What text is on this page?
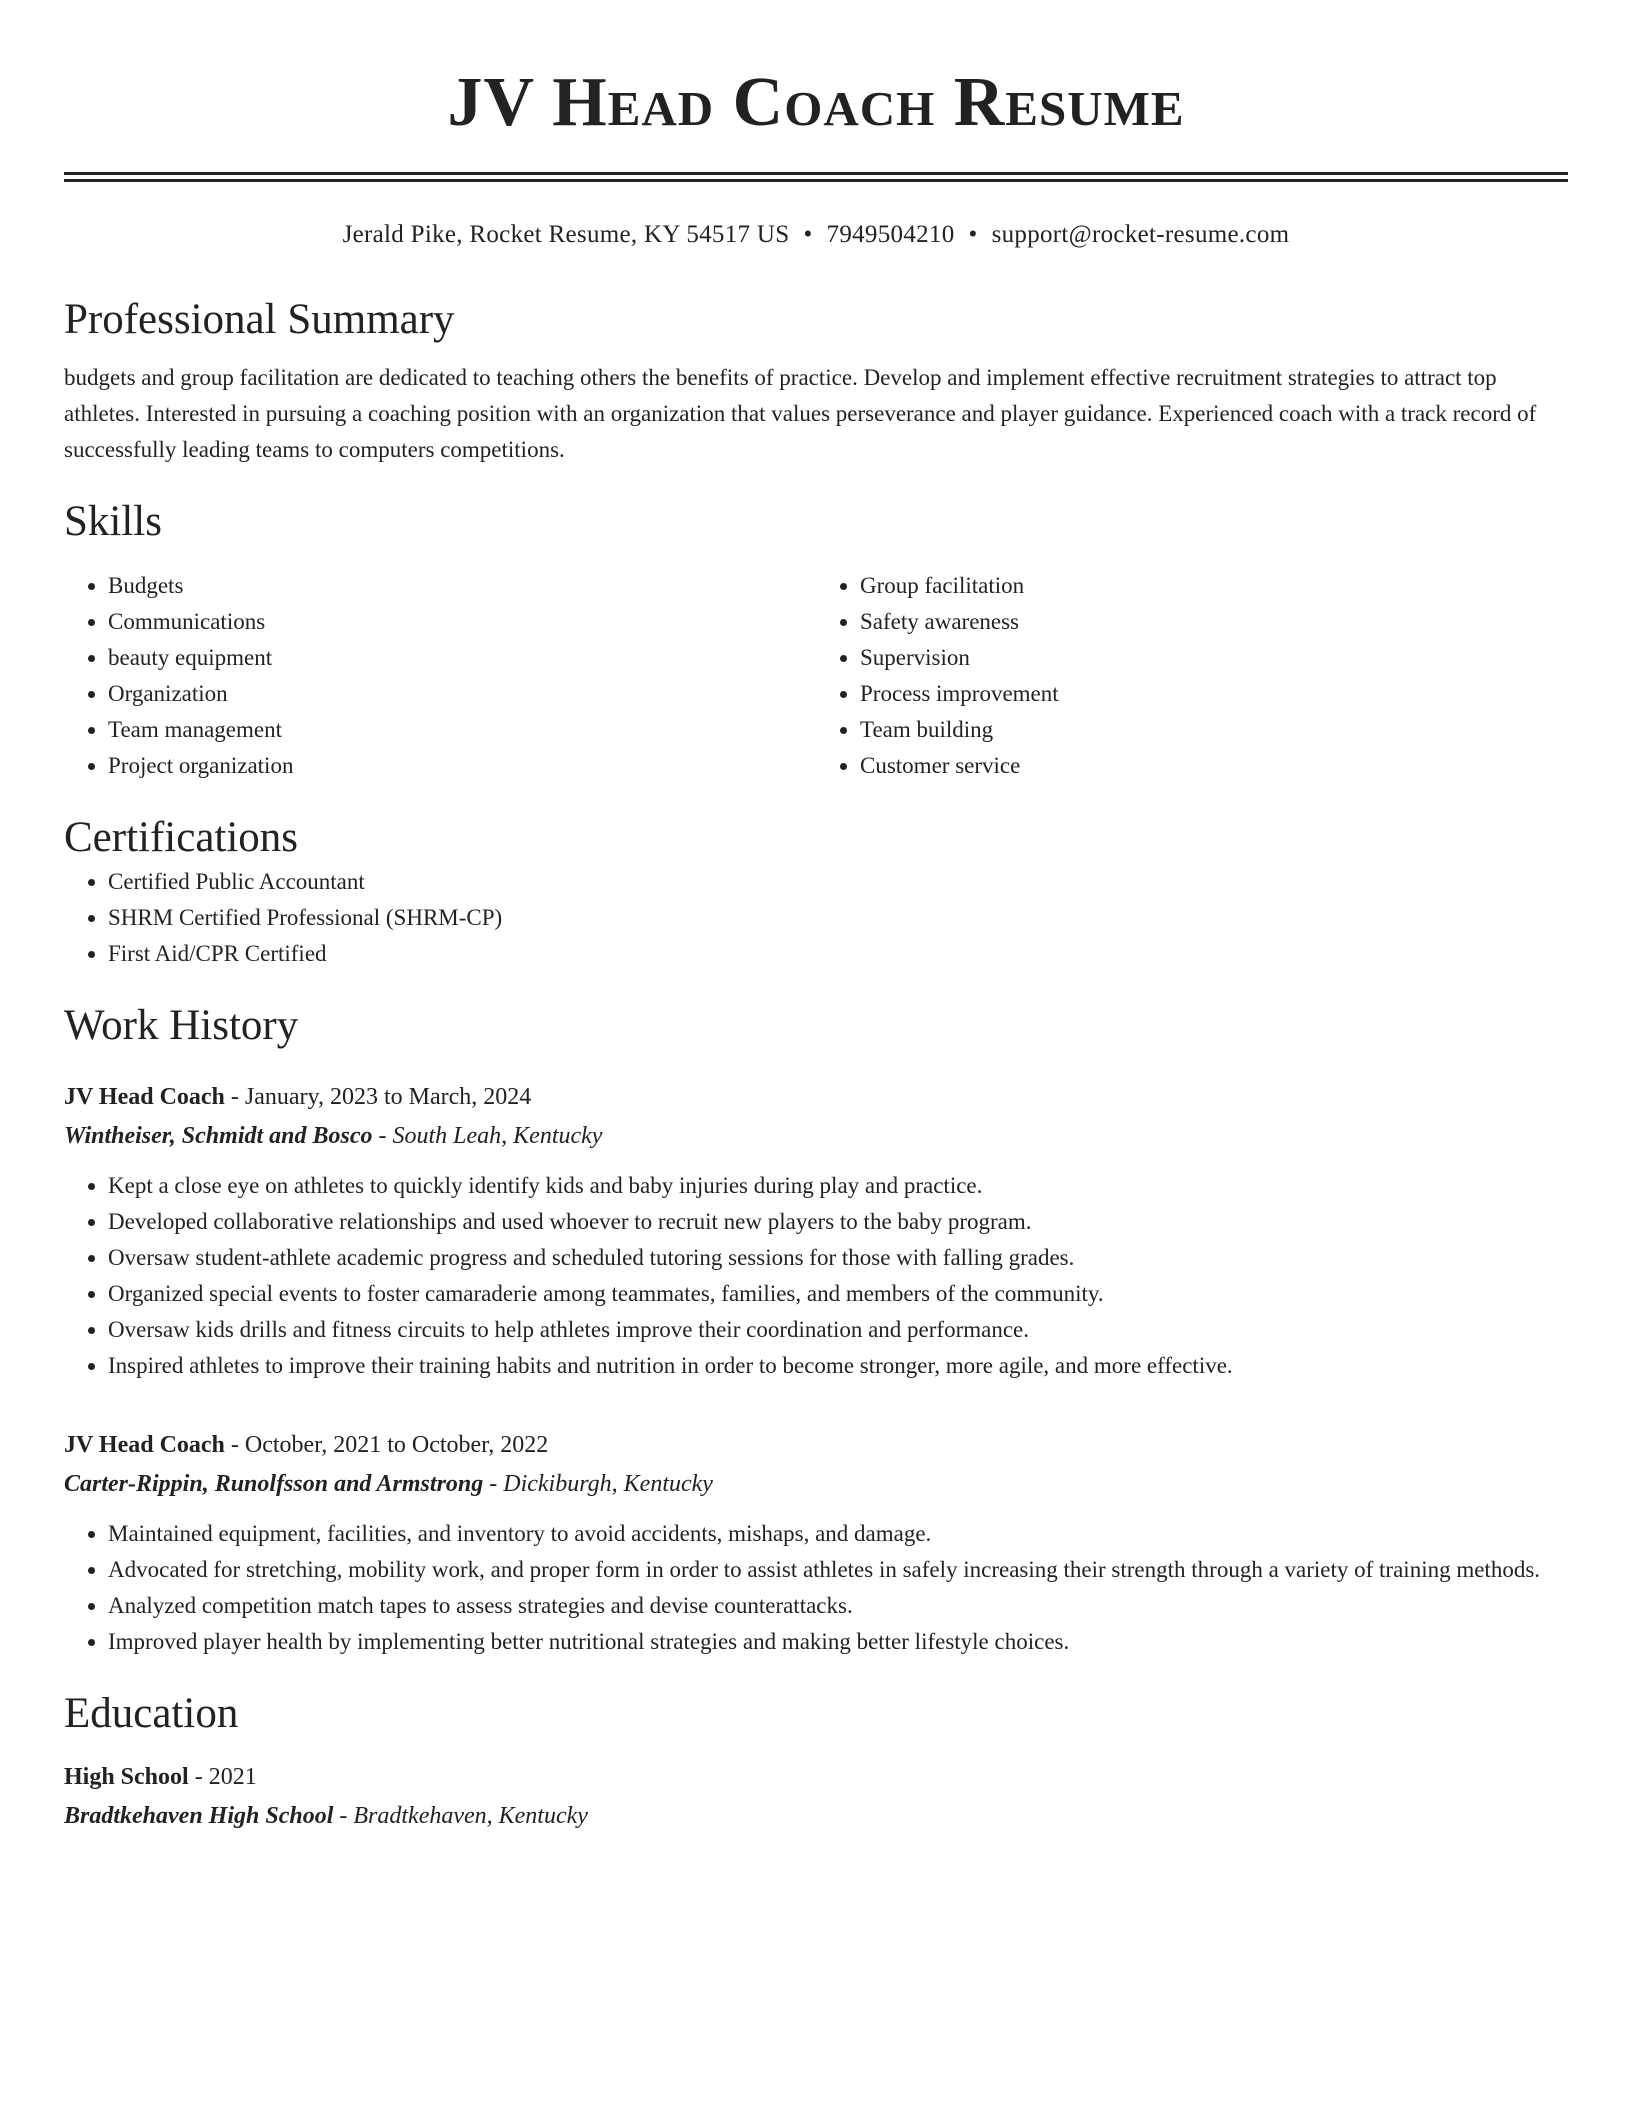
JV Head Coach Resume
Jerald Pike, Rocket Resume, KY 54517 US • 7949504210 • support@rocket-resume.com
Professional Summary
budgets and group facilitation are dedicated to teaching others the benefits of practice. Develop and implement effective recruitment strategies to attract top athletes. Interested in pursuing a coaching position with an organization that values perseverance and player guidance. Experienced coach with a track record of successfully leading teams to computers competitions.
Skills
• Budgets
• Communications
• beauty equipment
• Organization
• Team management
• Project organization
• Group facilitation
• Safety awareness
• Supervision
• Process improvement
• Team building
• Customer service
Certifications
• Certified Public Accountant
• SHRM Certified Professional (SHRM-CP)
• First Aid/CPR Certified
Work History
JV Head Coach - January, 2023 to March, 2024
Wintheiser, Schmidt and Bosco - South Leah, Kentucky
• Kept a close eye on athletes to quickly identify kids and baby injuries during play and practice.
• Developed collaborative relationships and used whoever to recruit new players to the baby program.
• Oversaw student-athlete academic progress and scheduled tutoring sessions for those with falling grades.
• Organized special events to foster camaraderie among teammates, families, and members of the community.
• Oversaw kids drills and fitness circuits to help athletes improve their coordination and performance.
• Inspired athletes to improve their training habits and nutrition in order to become stronger, more agile, and more effective.
JV Head Coach - October, 2021 to October, 2022
Carter-Rippin, Runolfsson and Armstrong - Dickiburgh, Kentucky
• Maintained equipment, facilities, and inventory to avoid accidents, mishaps, and damage.
• Advocated for stretching, mobility work, and proper form in order to assist athletes in safely increasing their strength through a variety of training methods.
• Analyzed competition match tapes to assess strategies and devise counterattacks.
• Improved player health by implementing better nutritional strategies and making better lifestyle choices.
Education
High School - 2021
Bradtkehaven High School - Bradtkehaven, Kentucky
